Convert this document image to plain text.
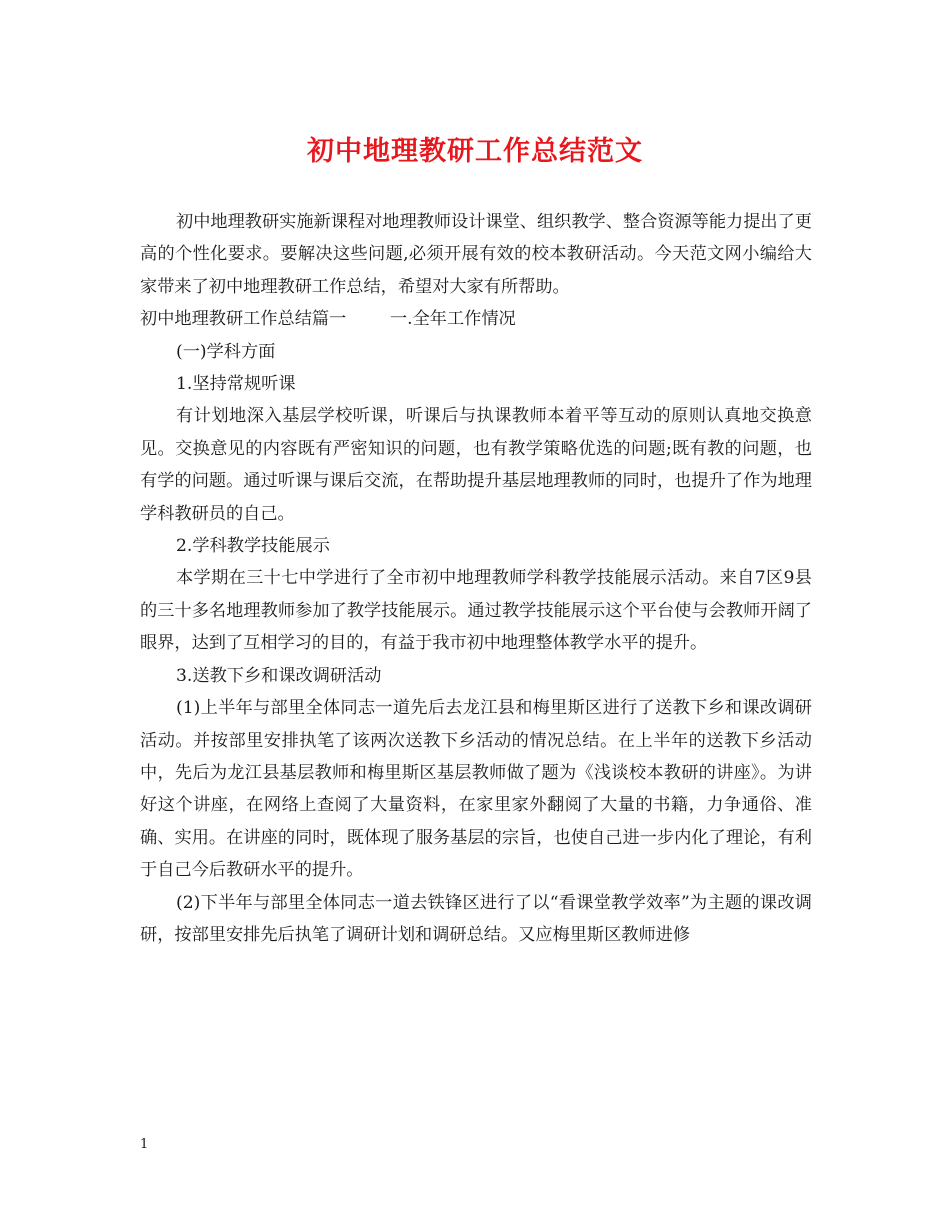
初中地理教研工作总结范文

初中地理教研实施新课程对地理教师设计课堂、组织教学、整合资源等能力提出了更高的个性化要求。要解决这些问题,必须开展有效的校本教研活动。今天范文网小编给大家带来了初中地理教研工作总结，希望对大家有所帮助。

初中地理教研工作总结篇一        一.全年工作情况

(一)学科方面

1.坚持常规听课

有计划地深入基层学校听课，听课后与执课教师本着平等互动的原则认真地交换意见。交换意见的内容既有严密知识的问题，也有教学策略优选的问题;既有教的问题，也有学的问题。通过听课与课后交流，在帮助提升基层地理教师的同时，也提升了作为地理学科教研员的自己。

2.学科教学技能展示

本学期在三十七中学进行了全市初中地理教师学科教学技能展示活动。来自7区9县的三十多名地理教师参加了教学技能展示。通过教学技能展示这个平台使与会教师开阔了眼界，达到了互相学习的目的，有益于我市初中地理整体教学水平的提升。

3.送教下乡和课改调研活动

(1)上半年与部里全体同志一道先后去龙江县和梅里斯区进行了送教下乡和课改调研活动。并按部里安排执笔了该两次送教下乡活动的情况总结。在上半年的送教下乡活动中，先后为龙江县基层教师和梅里斯区基层教师做了题为《浅谈校本教研的讲座》。为讲好这个讲座，在网络上查阅了大量资料，在家里家外翻阅了大量的书籍，力争通俗、准确、实用。在讲座的同时，既体现了服务基层的宗旨，也使自己进一步内化了理论，有利于自己今后教研水平的提升。

(2)下半年与部里全体同志一道去铁锋区进行了以“看课堂教学效率”为主题的课改调研，按部里安排先后执笔了调研计划和调研总结。又应梅里斯区教师进修

1
